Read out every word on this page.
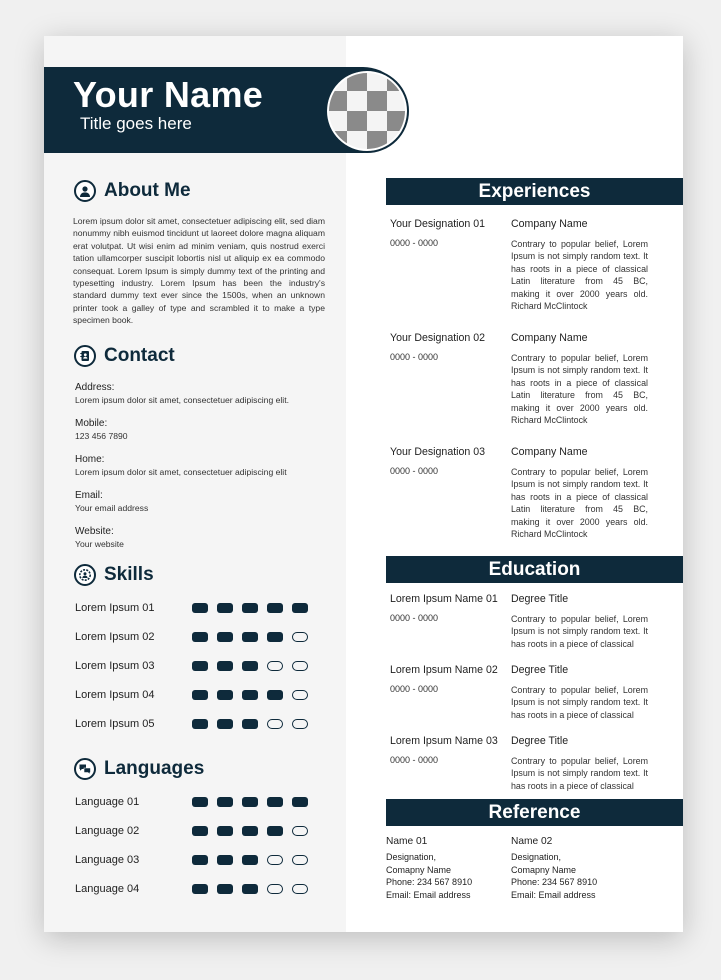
Your Name
Title goes here
About Me
Lorem ipsum dolor sit amet, consectetuer adipiscing elit, sed diam nonummy nibh euismod tincidunt ut laoreet dolore magna aliquam erat volutpat. Ut wisi enim ad minim veniam, quis nostrud exerci tation ullamcorper suscipit lobortis nisl ut aliquip ex ea commodo consequat. Lorem Ipsum is simply dummy text of the printing and typesetting industry. Lorem Ipsum has been the industry's standard dummy text ever since the 1500s, when an unknown printer took a galley of type and scrambled it to make a type specimen book.
Contact
Address:
Lorem ipsum dolor sit amet, consectetuer adipiscing elit.
Mobile:
123 456 7890
Home:
Lorem ipsum dolor sit amet, consectetuer adipiscing elit
Email:
Your email address
Website:
Your website
Skills
Lorem Ipsum 01
Lorem Ipsum 02
Lorem Ipsum 03
Lorem Ipsum 04
Lorem Ipsum 05
Languages
Language 01
Language 02
Language 03
Language 04
Experiences
Your Designation 01	Company Name
0000 - 0000	Contrary to popular belief, Lorem Ipsum is not simply random text. It has roots in a piece of classical Latin literature from 45 BC, making it over 2000 years old. Richard McClintock
Your Designation 02	Company Name
0000 - 0000	Contrary to popular belief, Lorem Ipsum is not simply random text. It has roots in a piece of classical Latin literature from 45 BC, making it over 2000 years old. Richard McClintock
Your Designation 03	Company Name
0000 - 0000	Contrary to popular belief, Lorem Ipsum is not simply random text. It has roots in a piece of classical Latin literature from 45 BC, making it over 2000 years old. Richard McClintock
Education
Lorem Ipsum Name 01	Degree Title
0000 - 0000	Contrary to popular belief, Lorem Ipsum is not simply random text. It has roots in a piece of classical
Lorem Ipsum Name 02	Degree Title
0000 - 0000	Contrary to popular belief, Lorem Ipsum is not simply random text. It has roots in a piece of classical
Lorem Ipsum Name 03	Degree Title
0000 - 0000	Contrary to popular belief, Lorem Ipsum is not simply random text. It has roots in a piece of classical
Reference
Name 01
Designation,
Comapny Name
Phone: 234 567 8910
Email: Email address
Name 02
Designation,
Comapny Name
Phone: 234 567 8910
Email: Email address
